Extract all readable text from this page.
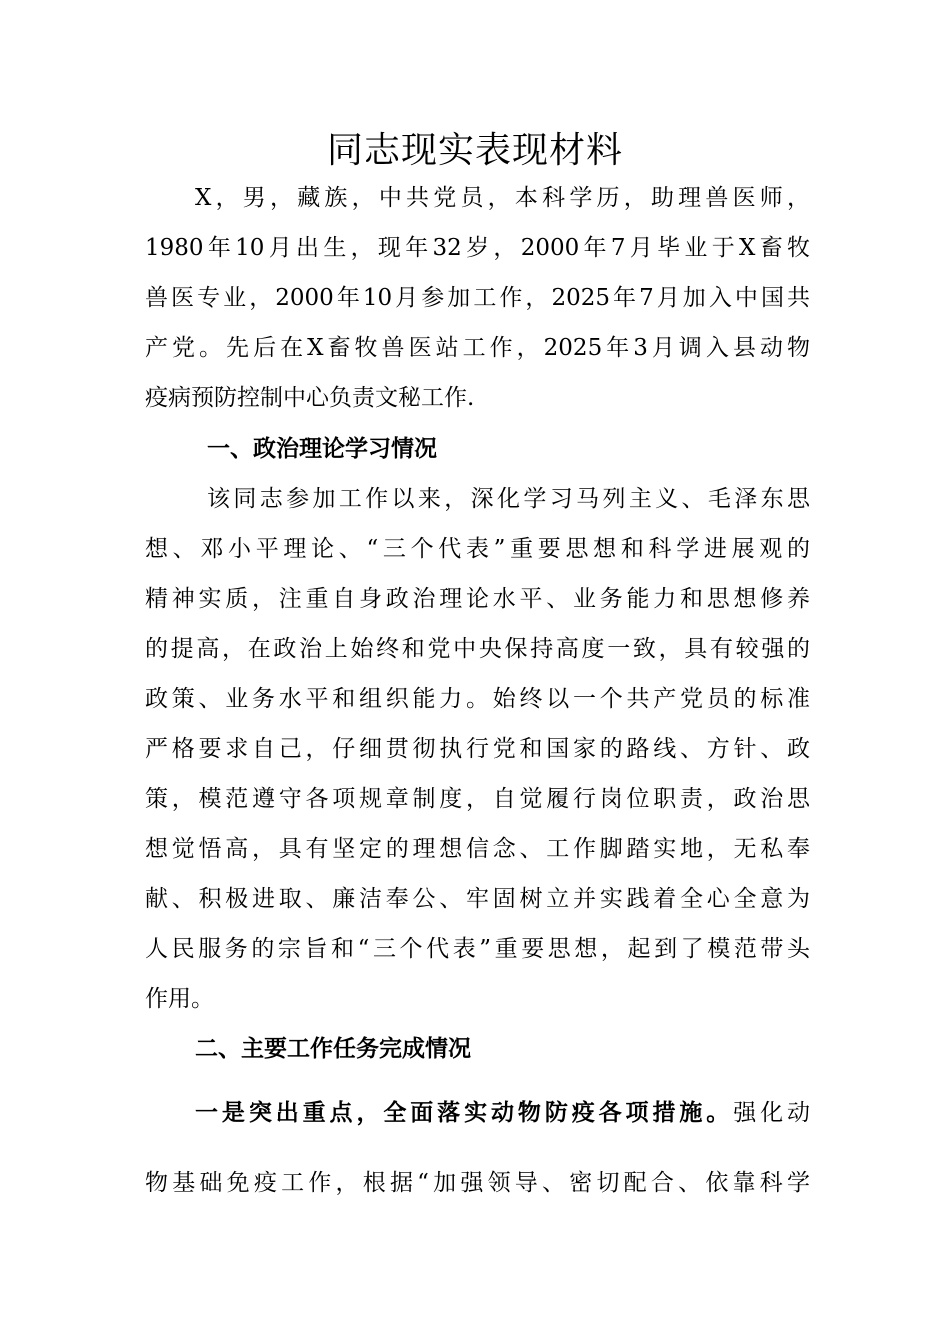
同志现实表现材料
X，男，藏族，中共党员，本科学历，助理兽医师，
1980年10月出生，现年32岁，2000年7月毕业于X畜牧
兽医专业，2000年10月参加工作，2025年7月加入中国共
产党。先后在X畜牧兽医站工作，2025年3月调入县动物
疫病预防控制中心负责文秘工作.
一、政治理论学习情况
该同志参加工作以来，深化学习马列主义、毛泽东思
想、邓小平理论、“三个代表”重要思想和科学进展观的
精神实质，注重自身政治理论水平、业务能力和思想修养
的提高，在政治上始终和党中央保持高度一致，具有较强的
政策、业务水平和组织能力。始终以一个共产党员的标准
严格要求自己，仔细贯彻执行党和国家的路线、方针、政
策，模范遵守各项规章制度，自觉履行岗位职责，政治思
想觉悟高，具有坚定的理想信念、工作脚踏实地，无私奉
献、积极进取、廉洁奉公、牢固树立并实践着全心全意为
人民服务的宗旨和“三个代表”重要思想，起到了模范带头
作用。
二、主要工作任务完成情况
一是突出重点，全面落实动物防疫各项措施。强化动
物基础免疫工作，根据“加强领导、密切配合、依靠科学
